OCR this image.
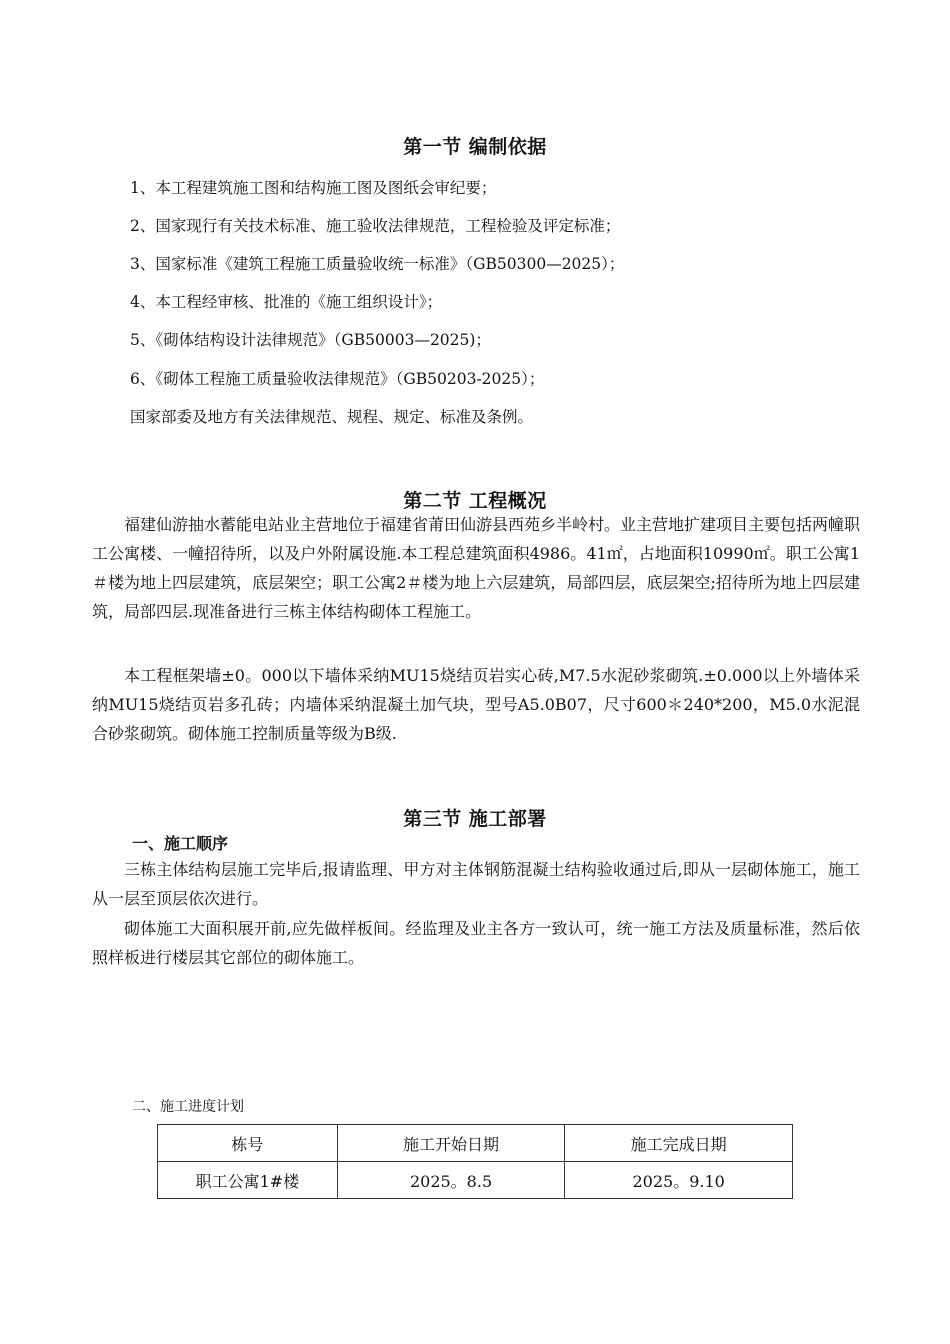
第一节 编制依据
1、本工程建筑施工图和结构施工图及图纸会审纪要；
2、国家现行有关技术标准、施工验收法律规范，工程检验及评定标准；
3、国家标准《建筑工程施工质量验收统一标准》（GB50300—2025）；
4、本工程经审核、批准的《施工组织设计》；
5、《砌体结构设计法律规范》（GB50003—2025)；
6、《砌体工程施工质量验收法律规范》（GB50203-2025）；
国家部委及地方有关法律规范、规程、规定、标准及条例。
第二节 工程概况
福建仙游抽水蓄能电站业主营地位于福建省莆田仙游县西苑乡半岭村。业主营地扩建项目主要包括两幢职工公寓楼、一幢招待所，以及户外附属设施.本工程总建筑面积4986。41㎡，占地面积10990㎡。职工公寓1＃楼为地上四层建筑，底层架空；职工公寓2＃楼为地上六层建筑，局部四层，底层架空;招待所为地上四层建筑，局部四层.现准备进行三栋主体结构砌体工程施工。
本工程框架墙±0。000以下墙体采纳MU15烧结页岩实心砖,M7.5水泥砂浆砌筑.±0.000以上外墙体采纳MU15烧结页岩多孔砖；内墙体采纳混凝土加气块，型号A5.0B07，尺寸600＊240*200，M5.0水泥混合砂浆砌筑。砌体施工控制质量等级为B级.
第三节 施工部署
一、施工顺序
三栋主体结构层施工完毕后,报请监理、甲方对主体钢筋混凝土结构验收通过后,即从一层砌体施工，施工从一层至顶层依次进行。
砌体施工大面积展开前,应先做样板间。经监理及业主各方一致认可，统一施工方法及质量标准，然后依照样板进行楼层其它部位的砌体施工。
二、施工进度计划
栋号	施工开始日期	施工完成日期
职工公寓1#楼	2025。8.5	2025。9.10
